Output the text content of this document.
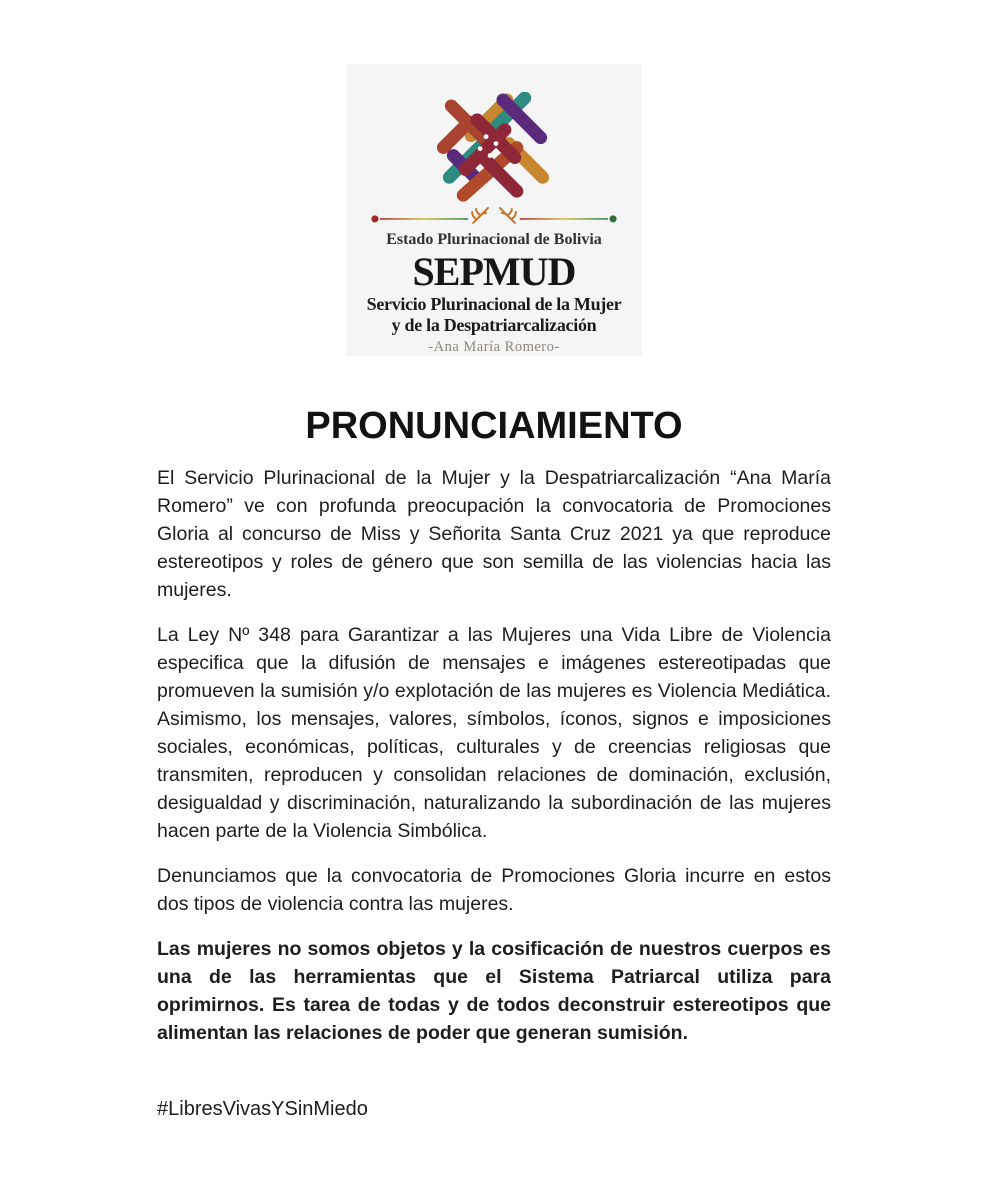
Estado Plurinacional de Bolivia
SEPMUD
Servicio Plurinacional de la Mujer
y de la Despatriarcalización
-Ana María Romero-
PRONUNCIAMIENTO

El Servicio Plurinacional de la Mujer y la Despatriarcalización “Ana María Romero” ve con profunda preocupación la convocatoria de Promociones Gloria al concurso de Miss y Señorita Santa Cruz 2021 ya que reproduce estereotipos y roles de género que son semilla de las violencias hacia las mujeres.

La Ley Nº 348 para Garantizar a las Mujeres una Vida Libre de Violencia especifica que la difusión de mensajes e imágenes estereotipadas que promueven la sumisión y/o explotación de las mujeres es Violencia Mediática. Asimismo, los mensajes, valores, símbolos, íconos, signos e imposiciones sociales, económicas, políticas, culturales y de creencias religiosas que transmiten, reproducen y consolidan relaciones de dominación, exclusión, desigualdad y discriminación, naturalizando la subordinación de las mujeres hacen parte de la Violencia Simbólica.

Denunciamos que la convocatoria de Promociones Gloria incurre en estos dos tipos de violencia contra las mujeres.

Las mujeres no somos objetos y la cosificación de nuestros cuerpos es una de las herramientas que el Sistema Patriarcal utiliza para oprimirnos. Es tarea de todas y de todos deconstruir estereotipos que alimentan las relaciones de poder que generan sumisión.

#LibresVivasYSinMiedo
